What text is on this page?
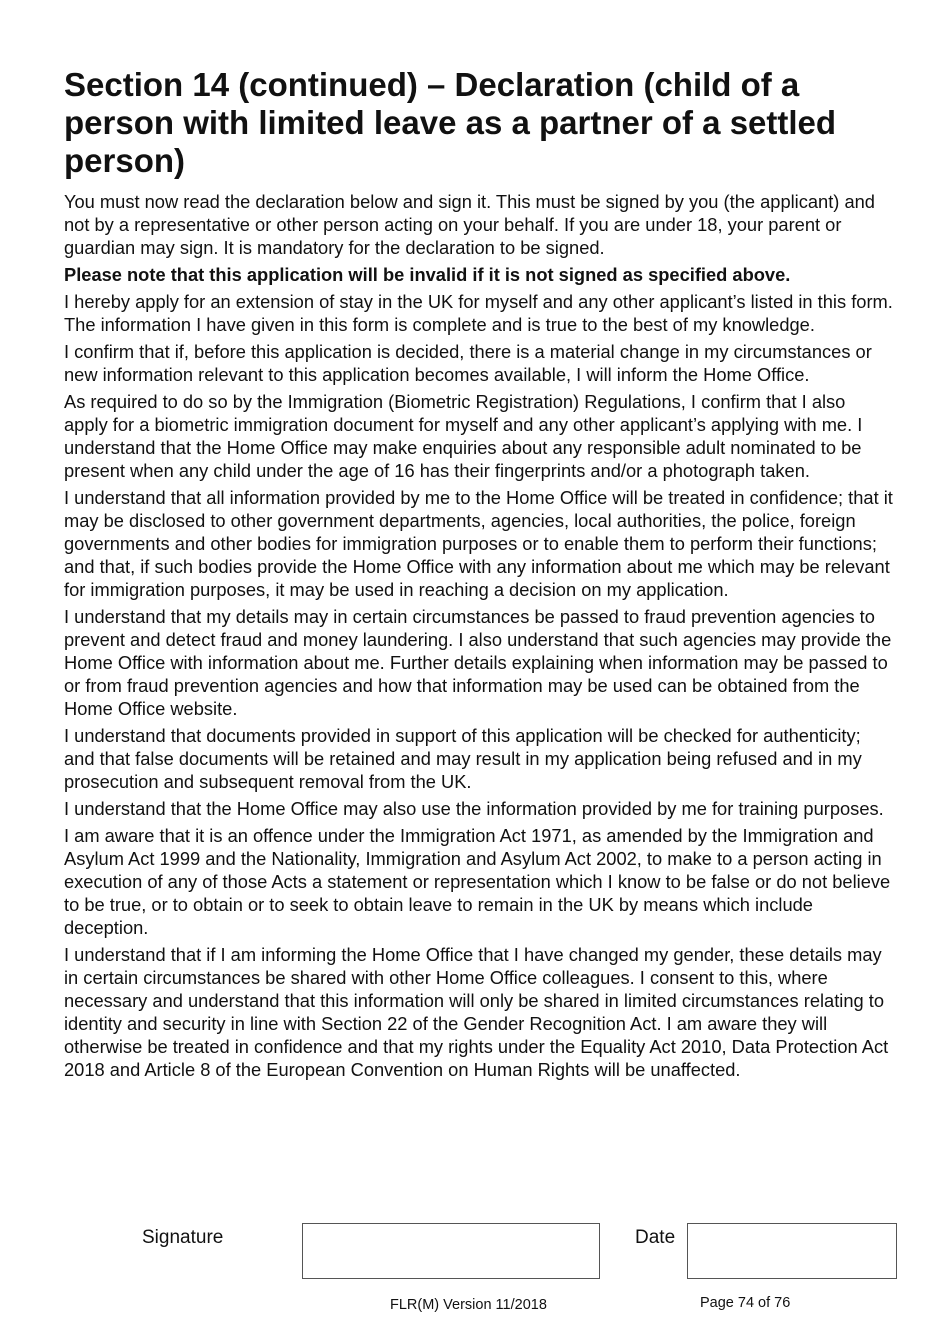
Section 14 (continued) – Declaration (child of a person with limited leave as a partner of a settled person)

You must now read the declaration below and sign it. This must be signed by you (the applicant) and not by a representative or other person acting on your behalf. If you are under 18, your parent or guardian may sign. It is mandatory for the declaration to be signed.

Please note that this application will be invalid if it is not signed as specified above.

I hereby apply for an extension of stay in the UK for myself and any other applicant’s listed in this form. The information I have given in this form is complete and is true to the best of my knowledge.

I confirm that if, before this application is decided, there is a material change in my circumstances or new information relevant to this application becomes available, I will inform the Home Office.

As required to do so by the Immigration (Biometric Registration) Regulations, I confirm that I also apply for a biometric immigration document for myself and any other applicant’s applying with me. I understand that the Home Office may make enquiries about any responsible adult nominated to be present when any child under the age of 16 has their fingerprints and/or a photograph taken.

I understand that all information provided by me to the Home Office will be treated in confidence; that it may be disclosed to other government departments, agencies, local authorities, the police, foreign governments and other bodies for immigration purposes or to enable them to perform their functions; and that, if such bodies provide the Home Office with any information about me which may be relevant for immigration purposes, it may be used in reaching a decision on my application.

I understand that my details may in certain circumstances be passed to fraud prevention agencies to prevent and detect fraud and money laundering. I also understand that such agencies may provide the Home Office with information about me. Further details explaining when information may be passed to or from fraud prevention agencies and how that information may be used can be obtained from the Home Office website.

I understand that documents provided in support of this application will be checked for authenticity; and that false documents will be retained and may result in my application being refused and in my prosecution and subsequent removal from the UK.

I understand that the Home Office may also use the information provided by me for training purposes.

I am aware that it is an offence under the Immigration Act 1971, as amended by the Immigration and Asylum Act 1999 and the Nationality, Immigration and Asylum Act 2002, to make to a person acting in execution of any of those Acts a statement or representation which I know to be false or do not believe to be true, or to obtain or to seek to obtain leave to remain in the UK by means which include deception.

I understand that if I am informing the Home Office that I have changed my gender, these details may in certain circumstances be shared with other Home Office colleagues. I consent to this, where necessary and understand that this information will only be shared in limited circumstances relating to identity and security in line with Section 22 of the Gender Recognition Act. I am aware they will otherwise be treated in confidence and that my rights under the Equality Act 2010, Data Protection Act 2018 and Article 8 of the European Convention on Human Rights will be unaffected.

Signature	Date
FLR(M) Version 11/2018	Page 74 of 76
